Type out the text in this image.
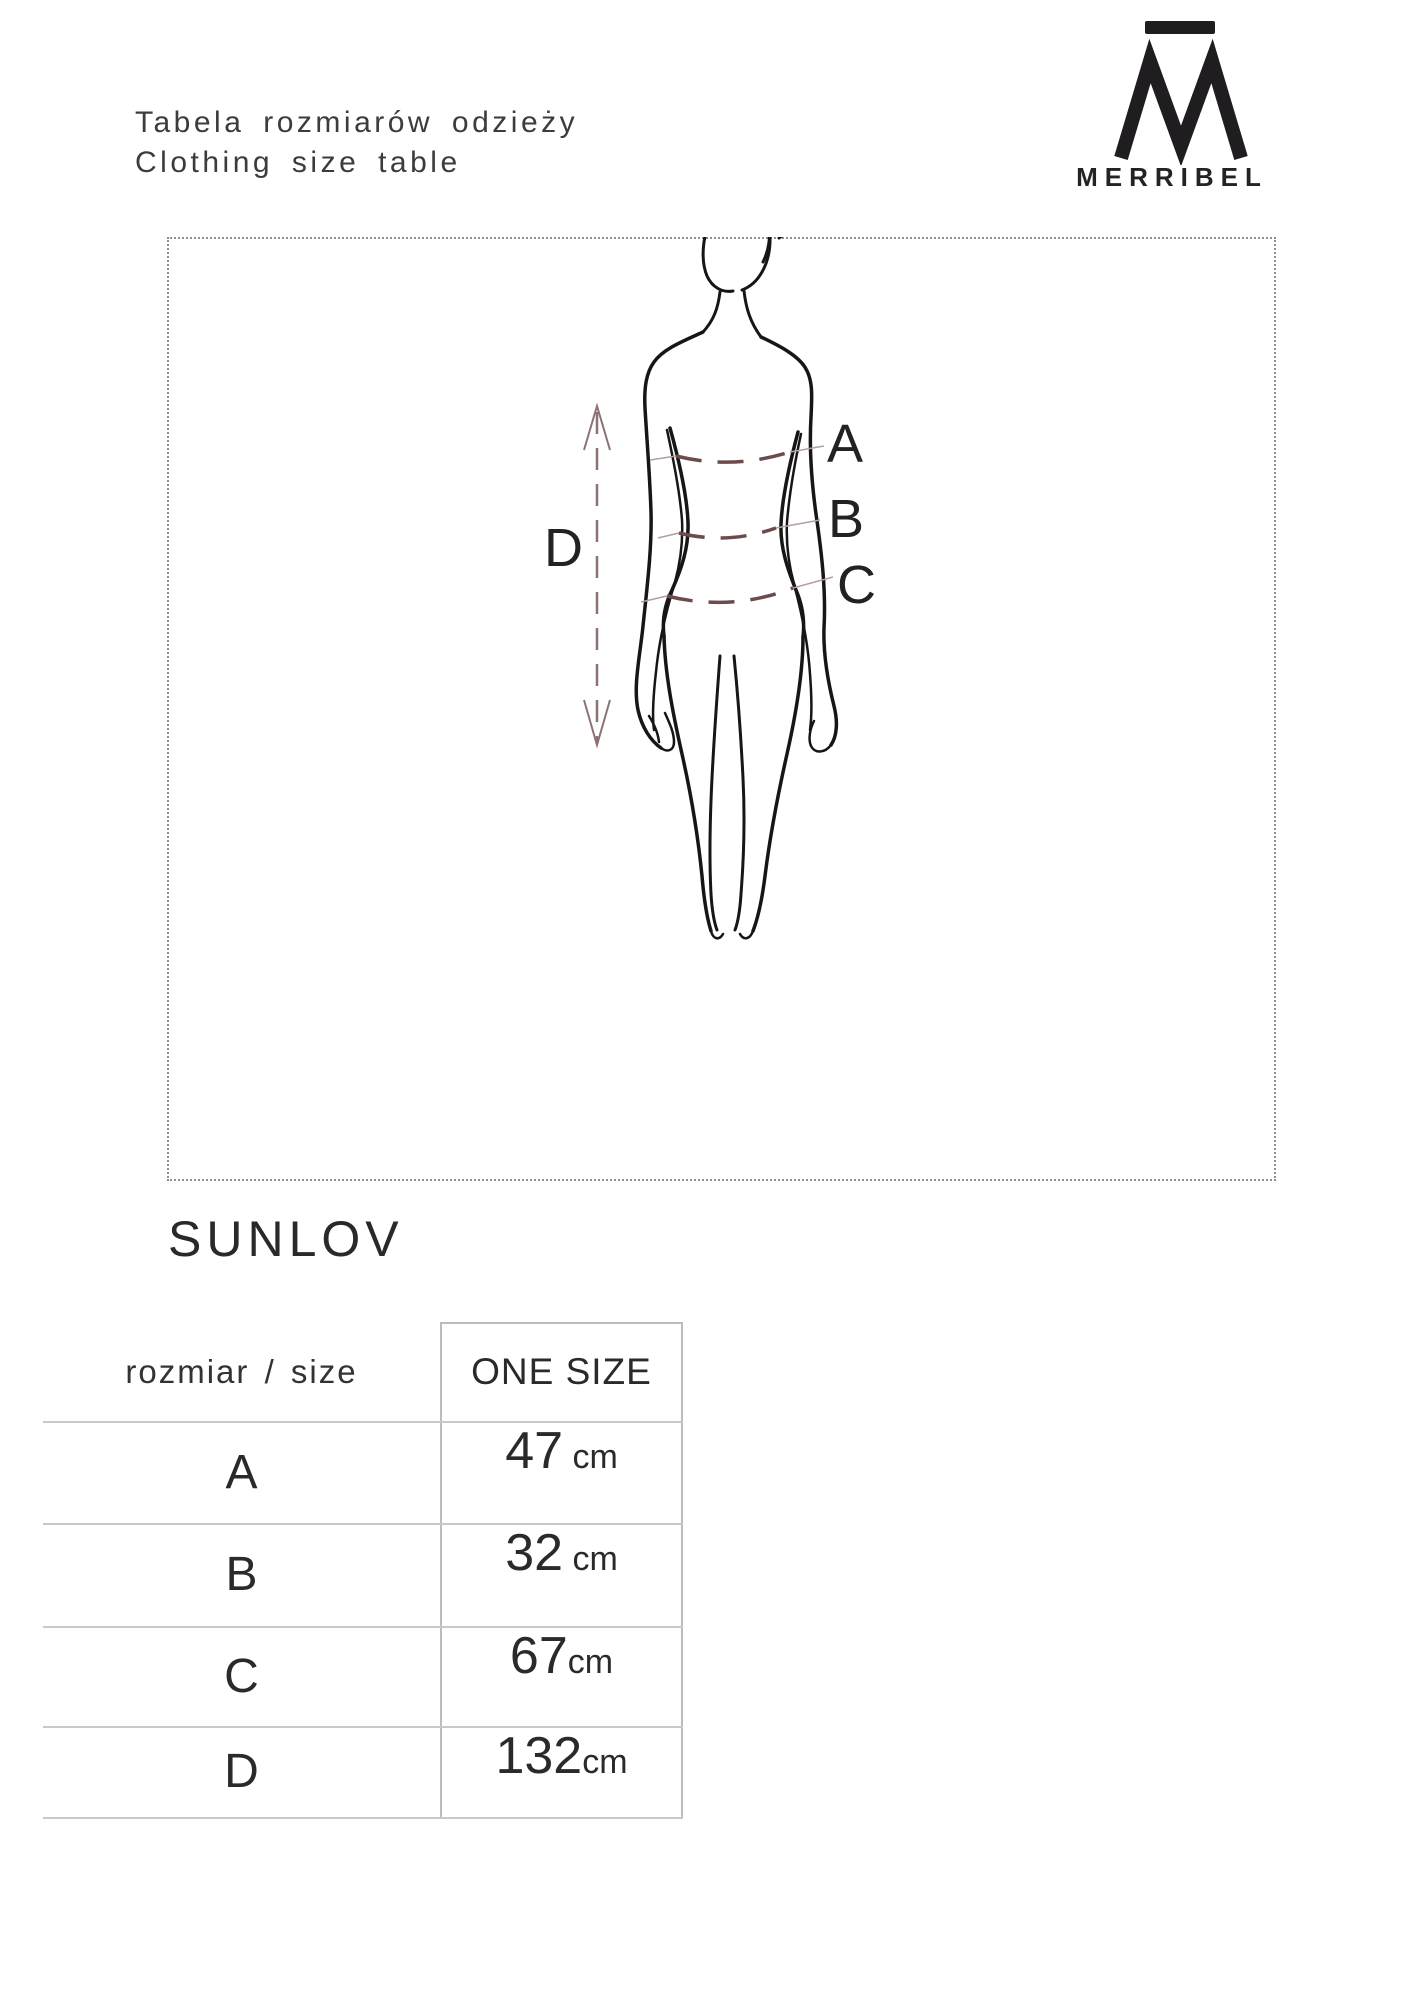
Tabela rozmiarów odzieży
Clothing size table	MERRIBEL
A
B
C
D
SUNLOV
rozmiar / size	ONE SIZE
A	47 cm
B	32 cm
C	67 cm
D	132 cm
